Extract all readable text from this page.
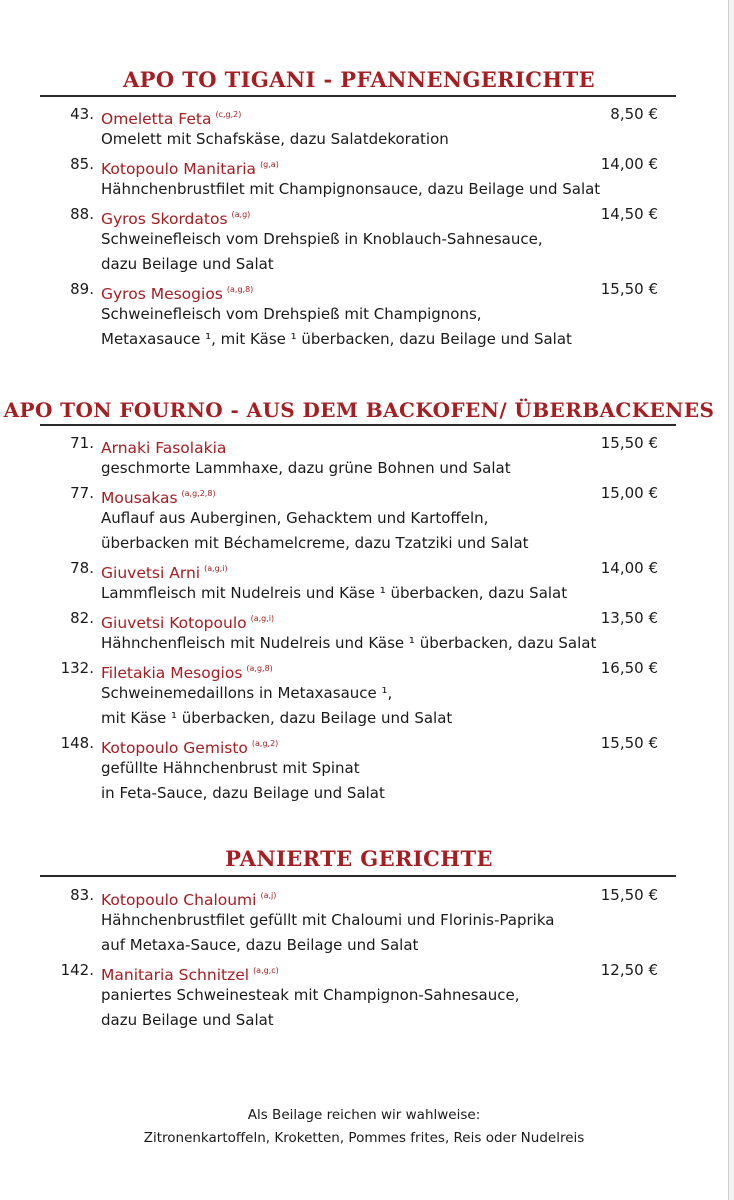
APO TO TIGANI - PFANNENGERICHTE
43. Omeletta Feta $^{(c,g,2)}$	8,50 €
Omelett mit Schafskäse, dazu Salatdekoration
85. Kotopoulo Manitaria $^{(g,a)}$	14,00 €
Hähnchenbrustfilet mit Champignonsauce, dazu Beilage und Salat
88. Gyros Skordatos $^{(a,g)}$	14,50 €
Schweinefleisch vom Drehspieß in Knoblauch-Sahnesauce,
dazu Beilage und Salat
89. Gyros Mesogios $^{(a,g,8)}$	15,50 €
Schweinefleisch vom Drehspieß mit Champignons,
Metaxasauce ¹, mit Käse ¹ überbacken, dazu Beilage und Salat
APO TON FOURNO - AUS DEM BACKOFEN/ ÜBERBACKENES
71. Arnaki Fasolakia	15,50 €
geschmorte Lammhaxe, dazu grüne Bohnen und Salat
77. Mousakas $^{(a,g,2,8)}$	15,00 €
Auflauf aus Auberginen, Gehacktem und Kartoffeln,
überbacken mit Béchamelcreme, dazu Tzatziki und Salat
78. Giuvetsi Arni $^{(a,g,i)}$	14,00 €
Lammfleisch mit Nudelreis und Käse ¹ überbacken, dazu Salat
82. Giuvetsi Kotopoulo $^{(a,g,i)}$	13,50 €
Hähnchenfleisch mit Nudelreis und Käse ¹ überbacken, dazu Salat
132. Filetakia Mesogios $^{(a,g,8)}$	16,50 €
Schweinemedaillons in Metaxasauce ¹,
mit Käse ¹ überbacken, dazu Beilage und Salat
148. Kotopoulo Gemisto $^{(a,g,2)}$	15,50 €
gefüllte Hähnchenbrust mit Spinat
in Feta-Sauce, dazu Beilage und Salat
PANIERTE GERICHTE
83. Kotopoulo Chaloumi $^{(a,j)}$	15,50 €
Hähnchenbrustfilet gefüllt mit Chaloumi und Florinis-Paprika
auf Metaxa-Sauce, dazu Beilage und Salat
142. Manitaria Schnitzel $^{(a,g,c)}$	12,50 €
paniertes Schweinesteak mit Champignon-Sahnesauce,
dazu Beilage und Salat
Als Beilage reichen wir wahlweise:
Zitronenkartoffeln, Kroketten, Pommes frites, Reis oder Nudelreis
